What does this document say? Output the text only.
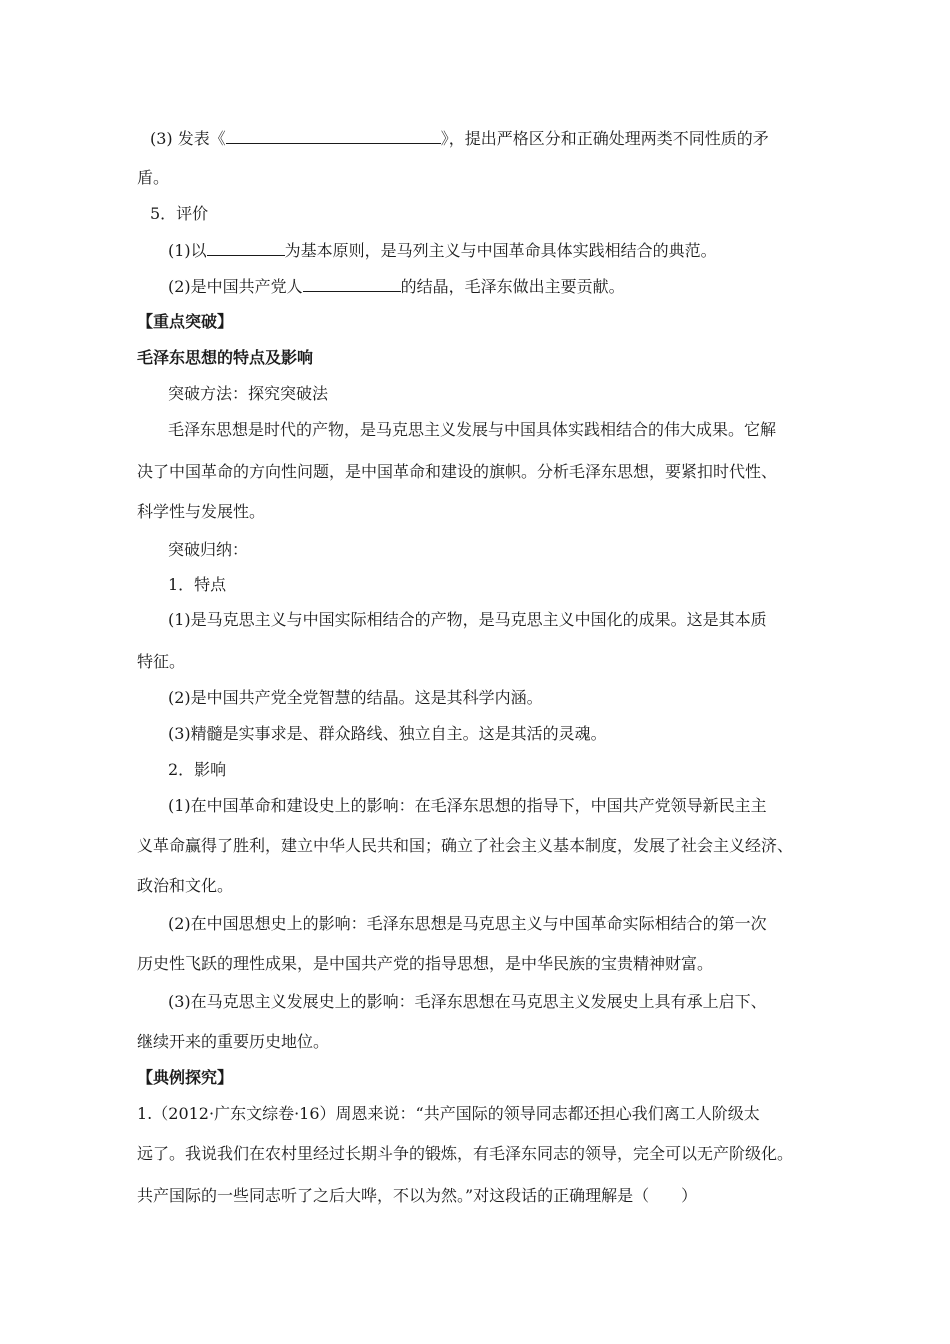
(3) 发表《	》，提出严格区分和正确处理两类不同性质的矛
盾。
5．评价
(1)以	为基本原则，是马列主义与中国革命具体实践相结合的典范。
(2)是中国共产党人	的结晶，毛泽东做出主要贡献。
【重点突破】
毛泽东思想的特点及影响
突破方法：探究突破法
毛泽东思想是时代的产物，是马克思主义发展与中国具体实践相结合的伟大成果。它解
决了中国革命的方向性问题，是中国革命和建设的旗帜。分析毛泽东思想，要紧扣时代性、
科学性与发展性。
突破归纳：
1．特点
(1)是马克思主义与中国实际相结合的产物，是马克思主义中国化的成果。这是其本质
特征。
(2)是中国共产党全党智慧的结晶。这是其科学内涵。
(3)精髓是实事求是、群众路线、独立自主。这是其活的灵魂。
2．影响
(1)在中国革命和建设史上的影响：在毛泽东思想的指导下，中国共产党领导新民主主
义革命赢得了胜利，建立中华人民共和国；确立了社会主义基本制度，发展了社会主义经济、
政治和文化。
(2)在中国思想史上的影响：毛泽东思想是马克思主义与中国革命实际相结合的第一次
历史性飞跃的理性成果，是中国共产党的指导思想，是中华民族的宝贵精神财富。
(3)在马克思主义发展史上的影响：毛泽东思想在马克思主义发展史上具有承上启下、
继续开来的重要历史地位。
【典例探究】
1.（2012·广东文综卷·16）周恩来说：“共产国际的领导同志都还担心我们离工人阶级太
远了。我说我们在农村里经过长期斗争的锻炼，有毛泽东同志的领导，完全可以无产阶级化。
共产国际的一些同志听了之后大哗，不以为然。”对这段话的正确理解是（　　）
